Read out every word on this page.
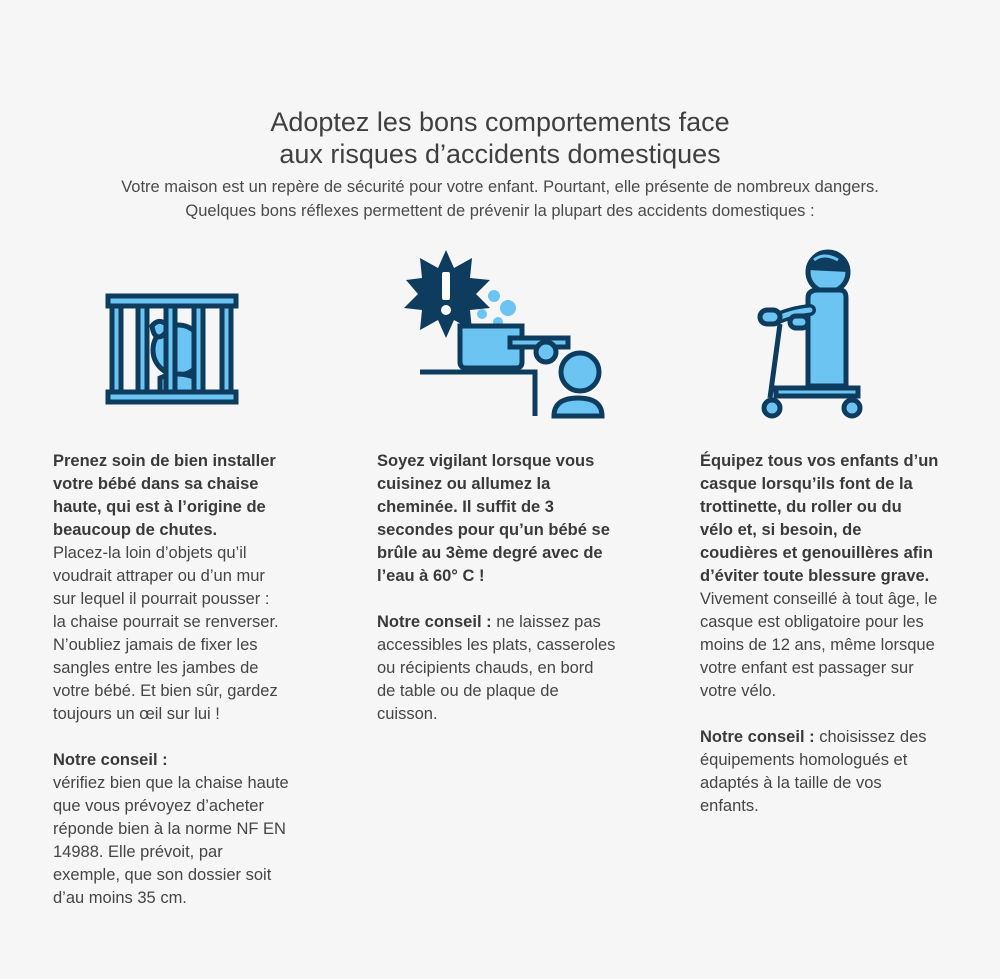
Adoptez les bons comportements face
aux risques d’accidents domestiques
Votre maison est un repère de sécurité pour votre enfant. Pourtant, elle présente de nombreux dangers.
Quelques bons réflexes permettent de prévenir la plupart des accidents domestiques :

Prenez soin de bien installer
votre bébé dans sa chaise
haute, qui est à l’origine de
beaucoup de chutes.
Placez-la loin d’objets qu’il
voudrait attraper ou d’un mur
sur lequel il pourrait pousser :
la chaise pourrait se renverser.
N’oubliez jamais de fixer les
sangles entre les jambes de
votre bébé. Et bien sûr, gardez
toujours un œil sur lui !

Notre conseil :
vérifiez bien que la chaise haute
que vous prévoyez d’acheter
réponde bien à la norme NF EN
14988. Elle prévoit, par
exemple, que son dossier soit
d’au moins 35 cm.

Soyez vigilant lorsque vous
cuisinez ou allumez la
cheminée. Il suffit de 3
secondes pour qu’un bébé se
brûle au 3ème degré avec de
l’eau à 60° C !

Notre conseil : ne laissez pas
accessibles les plats, casseroles
ou récipients chauds, en bord
de table ou de plaque de
cuisson.

Équipez tous vos enfants d’un
casque lorsqu’ils font de la
trottinette, du roller ou du
vélo et, si besoin, de
coudières et genouillères afin
d’éviter toute blessure grave.
Vivement conseillé à tout âge, le
casque est obligatoire pour les
moins de 12 ans, même lorsque
votre enfant est passager sur
votre vélo.

Notre conseil : choisissez des
équipements homologués et
adaptés à la taille de vos
enfants.
